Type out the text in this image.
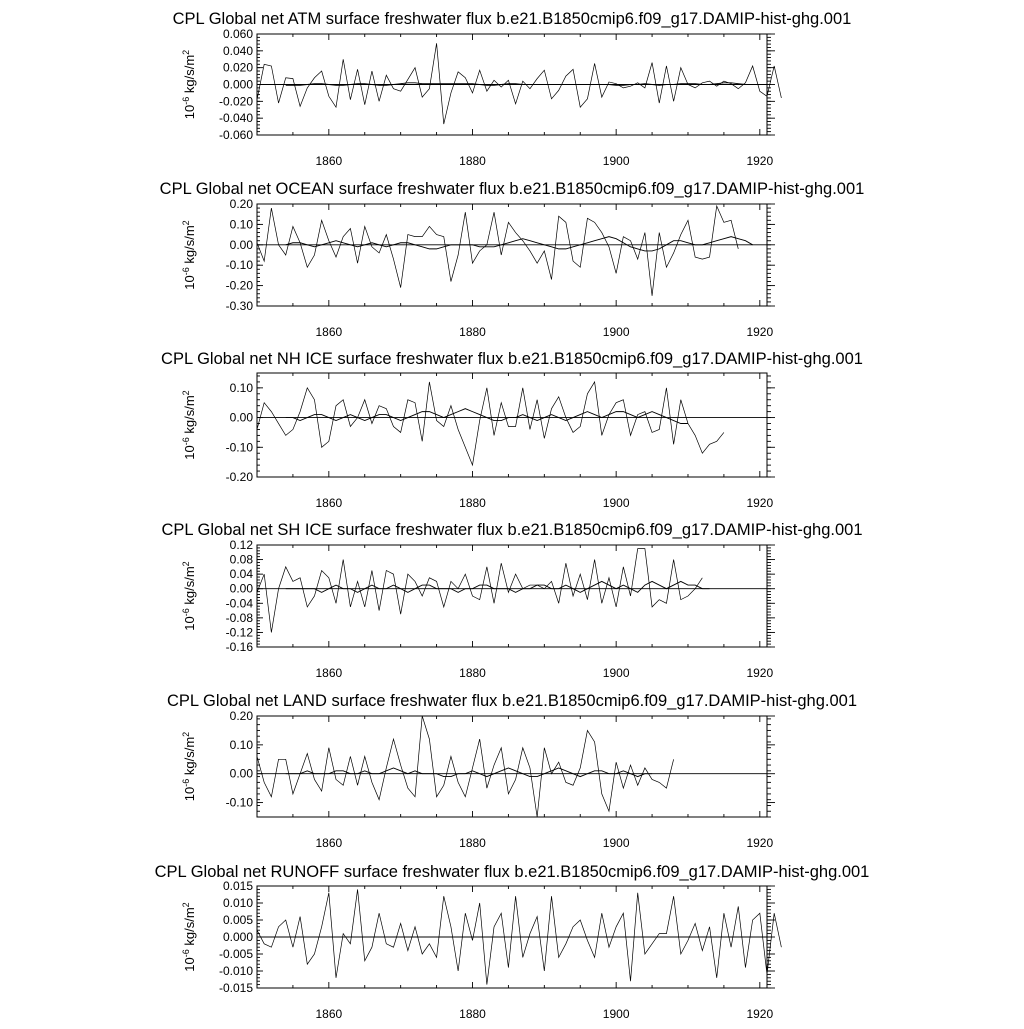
CPL Global net ATM surface freshwater flux b.e21.B1850cmip6.f09_g17.DAMIP-hist-ghg.001
1860	1880	1900	1920
-0.060
-0.040
-0.020
0.000
0.020
0.040
0.060
$10^{-6}$ $kg/s/m^2$
CPL Global net OCEAN surface freshwater flux b.e21.B1850cmip6.f09_g17.DAMIP-hist-ghg.001
1860	1880	1900	1920
-0.30
-0.20
-0.10
0.00
0.10
0.20
$10^{-6}$ $kg/s/m^2$
CPL Global net NH ICE surface freshwater flux b.e21.B1850cmip6.f09_g17.DAMIP-hist-ghg.001
1860	1880	1900	1920
-0.20
-0.10
0.00
0.10
$10^{-6}$ $kg/s/m^2$
CPL Global net SH ICE surface freshwater flux b.e21.B1850cmip6.f09_g17.DAMIP-hist-ghg.001
1860	1880	1900	1920
-0.16
-0.12
-0.08
-0.04
0.00
0.04
0.08
0.12
$10^{-6}$ $kg/s/m^2$
CPL Global net LAND surface freshwater flux b.e21.B1850cmip6.f09_g17.DAMIP-hist-ghg.001
1860	1880	1900	1920
-0.10
0.00
0.10
0.20
$10^{-6}$ $kg/s/m^2$
CPL Global net RUNOFF surface freshwater flux b.e21.B1850cmip6.f09_g17.DAMIP-hist-ghg.001
1860	1880	1900	1920
-0.015
-0.010
-0.005
0.000
0.005
0.010
0.015
$10^{-6}$ $kg/s/m^2$
